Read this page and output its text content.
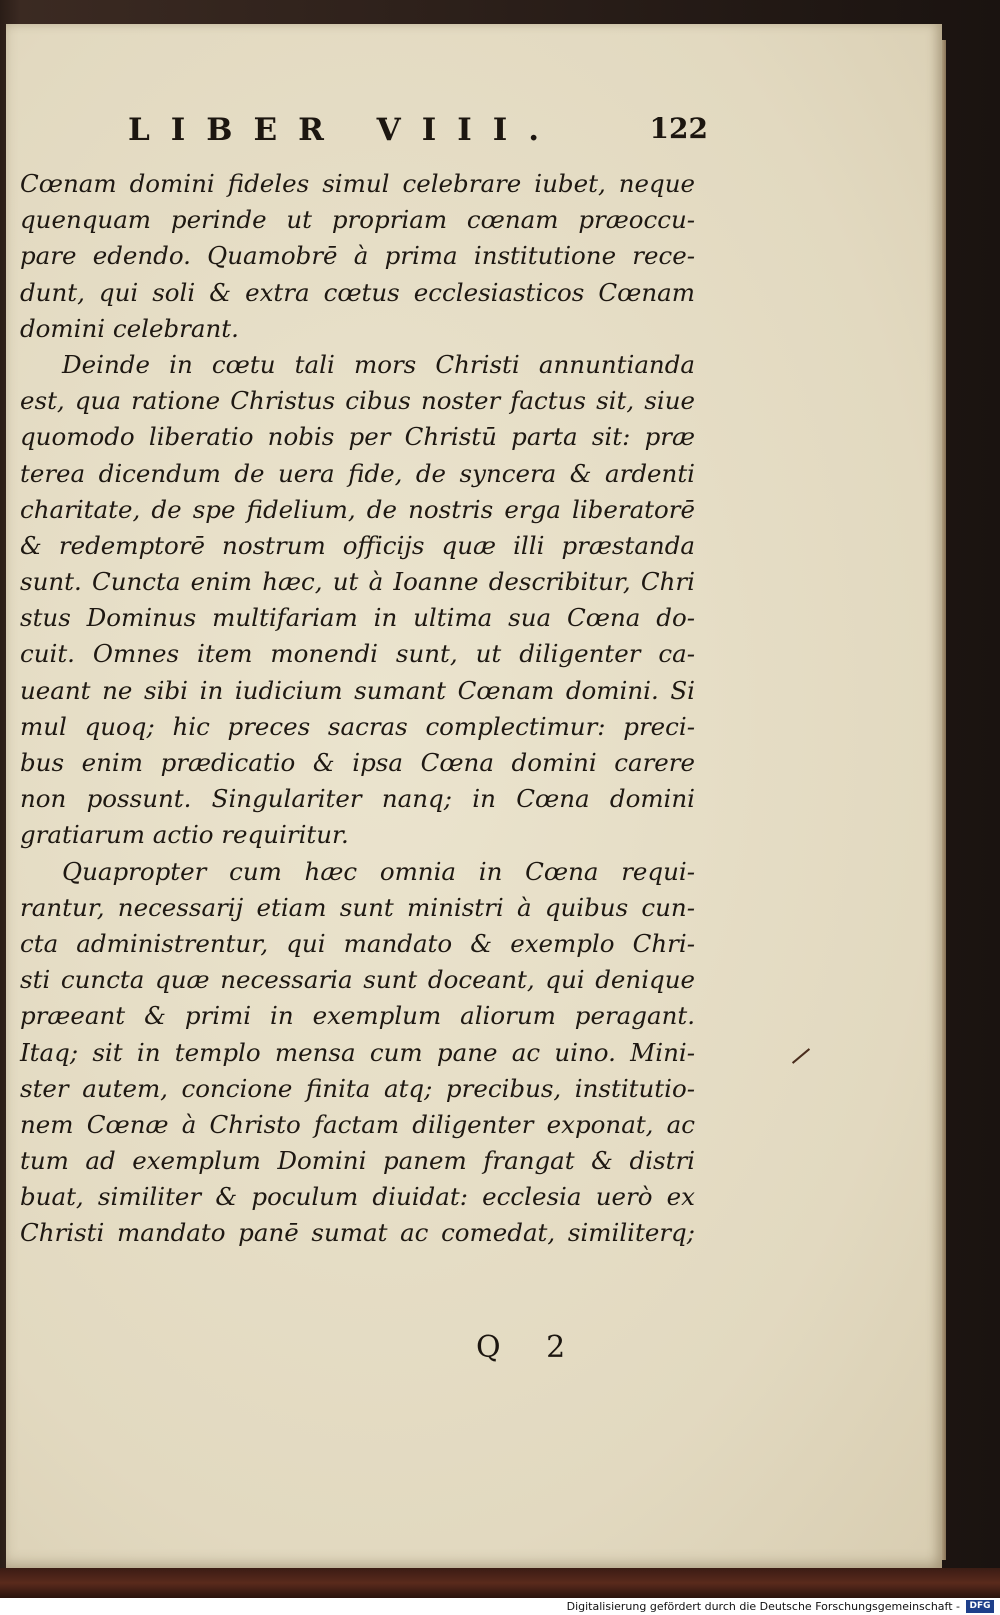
LIBER VIII.	122
Cœnam domini fideles simul celebrare iubet, neque
quenquam perinde ut propriam cœnam præoccu-
pare edendo. Quamobrē à prima institutione rece-
dunt, qui soli & extra cœtus ecclesiasticos Cœnam
domini celebrant.
Deinde in cœtu tali mors Christi annuntianda
est, qua ratione Christus cibus noster factus sit, siue
quomodo liberatio nobis per Christū parta sit: præ
terea dicendum de uera fide, de syncera & ardenti
charitate, de spe fidelium, de nostris erga liberatorē
& redemptorē nostrum officijs quæ illi præstanda
sunt. Cuncta enim hæc, ut à Ioanne describitur, Chri
stus Dominus multifariam in ultima sua Cœna do-
cuit. Omnes item monendi sunt, ut diligenter ca-
ueant ne sibi in iudicium sumant Cœnam domini. Si
mul quoq; hic preces sacras complectimur: preci-
bus enim prædicatio & ipsa Cœna domini carere
non possunt. Singulariter nanq; in Cœna domini
gratiarum actio requiritur.
Quapropter cum hæc omnia in Cœna requi-
rantur, necessarij etiam sunt ministri à quibus cun-
cta administrentur, qui mandato & exemplo Chri-
sti cuncta quæ necessaria sunt doceant, qui denique
præeant & primi in exemplum aliorum peragant.
Itaq; sit in templo mensa cum pane ac uino. Mini-
ster autem, concione finita atq; precibus, institutio-
nem Cœnæ à Christo factam diligenter exponat, ac
tum ad exemplum Domini panem frangat & distri
buat, similiter & poculum diuidat: ecclesia uerò ex
Christi mandato panē sumat ac comedat, similiterq;
Q 2
Digitalisierung gefördert durch die Deutsche Forschungsgemeinschaft -	DFG
